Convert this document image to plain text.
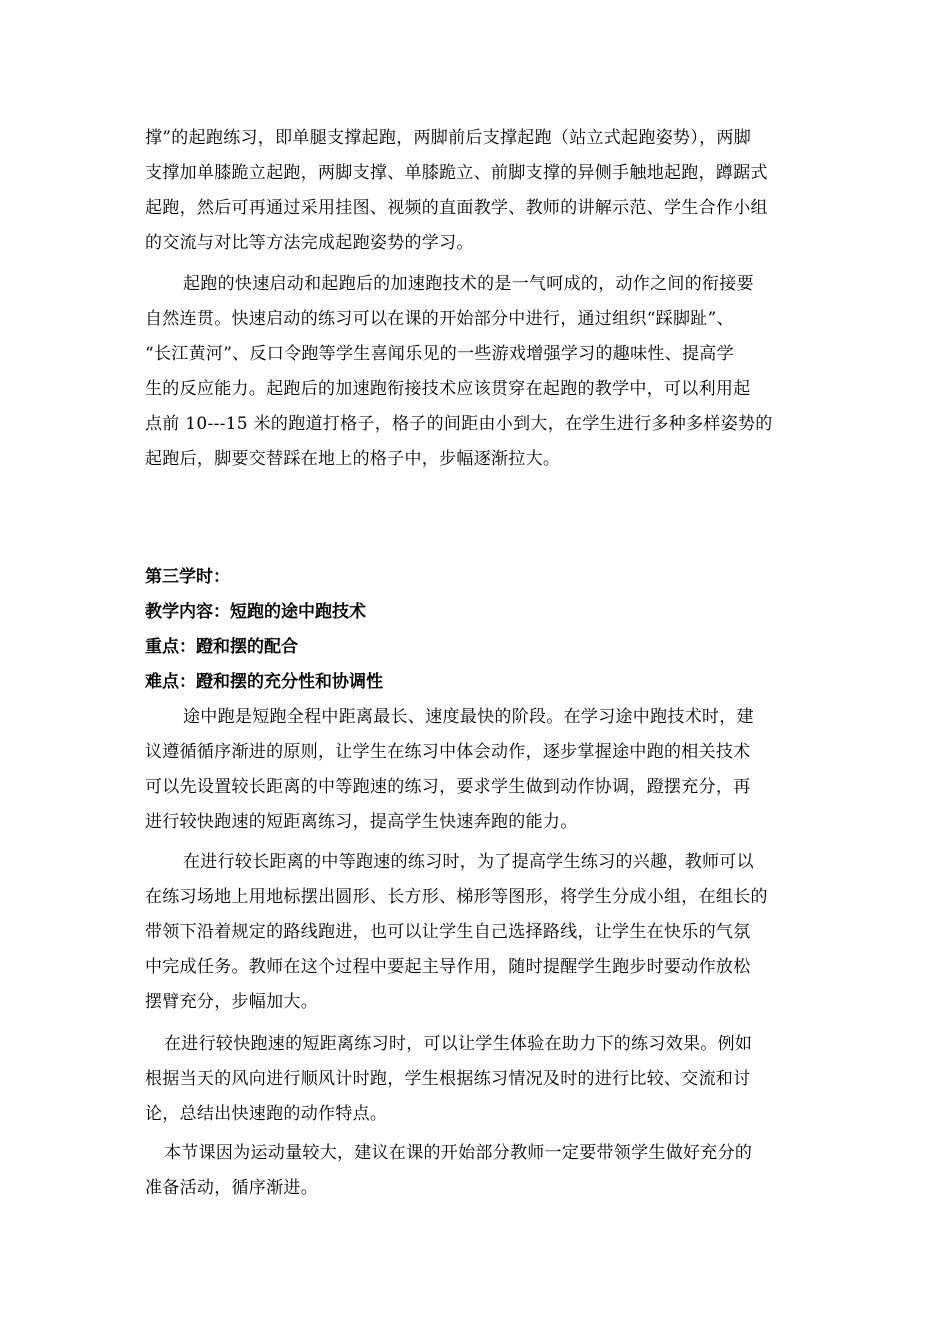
撑”的起跑练习，即单腿支撑起跑，两脚前后支撑起跑（站立式起跑姿势），两脚
支撑加单膝跪立起跑，两脚支撑、单膝跪立、前脚支撑的异侧手触地起跑，蹲踞式
起跑，然后可再通过采用挂图、视频的直面教学、教师的讲解示范、学生合作小组
的交流与对比等方法完成起跑姿势的学习。
起跑的快速启动和起跑后的加速跑技术的是一气呵成的，动作之间的衔接要
自然连贯。快速启动的练习可以在课的开始部分中进行，通过组织“踩脚趾”、
“长江黄河”、反口令跑等学生喜闻乐见的一些游戏增强学习的趣味性、提高学
生的反应能力。起跑后的加速跑衔接技术应该贯穿在起跑的教学中，可以利用起
点前 10---15 米的跑道打格子，格子的间距由小到大，在学生进行多种多样姿势的
起跑后，脚要交替踩在地上的格子中，步幅逐渐拉大。
第三学时：
教学内容：短跑的途中跑技术
重点：蹬和摆的配合
难点：蹬和摆的充分性和协调性
途中跑是短跑全程中距离最长、速度最快的阶段。在学习途中跑技术时，建
议遵循循序渐进的原则，让学生在练习中体会动作，逐步掌握途中跑的相关技术
可以先设置较长距离的中等跑速的练习，要求学生做到动作协调，蹬摆充分，再
进行较快跑速的短距离练习，提高学生快速奔跑的能力。
在进行较长距离的中等跑速的练习时，为了提高学生练习的兴趣，教师可以
在练习场地上用地标摆出圆形、长方形、梯形等图形，将学生分成小组，在组长的
带领下沿着规定的路线跑进，也可以让学生自己选择路线，让学生在快乐的气氛
中完成任务。教师在这个过程中要起主导作用，随时提醒学生跑步时要动作放松
摆臂充分，步幅加大。
在进行较快跑速的短距离练习时，可以让学生体验在助力下的练习效果。例如
根据当天的风向进行顺风计时跑，学生根据练习情况及时的进行比较、交流和讨
论，总结出快速跑的动作特点。
本节课因为运动量较大，建议在课的开始部分教师一定要带领学生做好充分的
准备活动，循序渐进。
